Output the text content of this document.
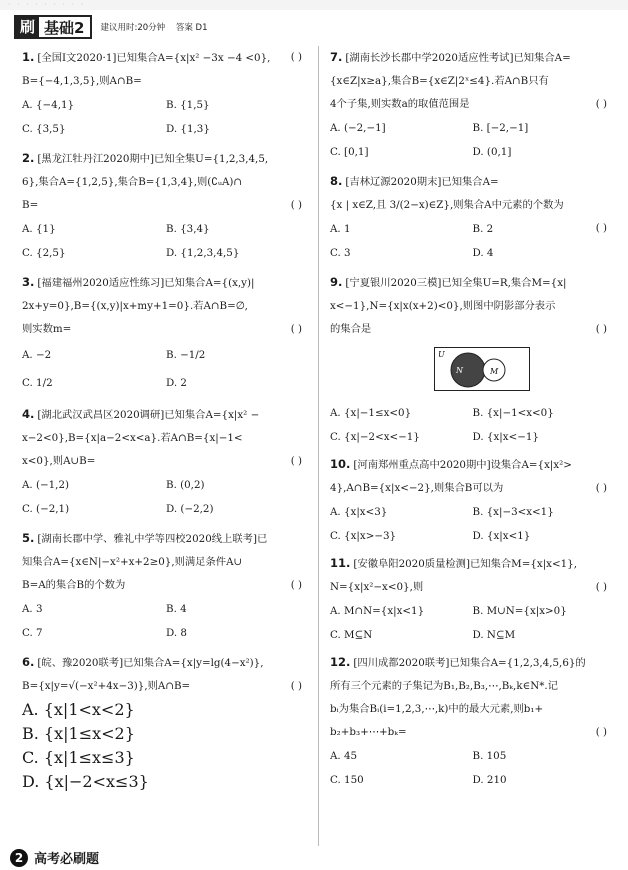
· · · · · · · · ·
刷 基础2 建议用时:20分钟 答案 D1
1. [全国Ⅰ文2020·1]已知集合A={x|x² −3x −4 <0}, ( )
B={−4,1,3,5},则A∩B=
A. {−4,1}	B. {1,5}
C. {3,5}	D. {1,3}
2. [黑龙江牡丹江2020期中]已知全集U={1,2,3,4,5,
6},集合A={1,2,5},集合B={1,3,4},则(∁ᵤA)∩
B=	( )
A. {1}	B. {3,4}
C. {2,5}	D. {1,2,3,4,5}
3. [福建福州2020适应性练习]已知集合A={(x,y)|
2x+y=0},B={(x,y)|x+my+1=0}.若A∩B=∅,
则实数m=	( )
A. −2	B. −1/2
C. 1/2	D. 2
4. [湖北武汉武昌区2020调研]已知集合A={x|x² −
x−2<0},B={x|a−2<x<a}.若A∩B={x|−1<
x<0},则A∪B=	( )
A. (−1,2)	B. (0,2)
C. (−2,1)	D. (−2,2)
5. [湖南长郡中学、雅礼中学等四校2020线上联考]已
知集合A={x∈N|−x²+x+2≥0},则满足条件A∪
B=A的集合B的个数为	( )
A. 3	B. 4
C. 7	D. 8
6. [皖、豫2020联考]已知集合A={x|y=lg(4−x²)},
B={x|y=√(−x²+4x−3)},则A∩B=	( )
A. {x|1<x<2}
B. {x|1≤x<2}
C. {x|1≤x≤3}
D. {x|−2<x≤3}
7. [湖南长沙长郡中学2020适应性考试]已知集合A=
{x∈Z|x≥a},集合B={x∈Z|2ˣ≤4}.若A∩B只有
4个子集,则实数a的取值范围是	( )
A. (−2,−1]	B. [−2,−1]
C. [0,1]	D. (0,1]
8. [吉林辽源2020期末]已知集合A=
{x | x∈Z,且 3/(2−x)∈Z},则集合A中元素的个数为
( )
A. 1	B. 2
C. 3	D. 4
9. [宁夏银川2020三模]已知全集U=R,集合M={x|
x<−1},N={x|x(x+2)<0},则图中阴影部分表示
的集合是	( )
U
N	M
A. {x|−1≤x<0}	B. {x|−1<x<0}
C. {x|−2<x<−1}	D. {x|x<−1}
10. [河南郑州重点高中2020期中]设集合A={x|x²>
4},A∩B={x|x<−2},则集合B可以为	( )
A. {x|x<3}	B. {x|−3<x<1}
C. {x|x>−3}	D. {x|x<1}
11. [安徽阜阳2020质量检测]已知集合M={x|x<1},
N={x|x²−x<0},则	( )
A. M∩N={x|x<1}	B. M∪N={x|x>0}
C. M⊆N	D. N⊆M
12. [四川成都2020联考]已知集合A={1,2,3,4,5,6}的
所有三个元素的子集记为B₁,B₂,B₃,⋯,Bₖ,k∈N*.记
bᵢ为集合Bᵢ(i=1,2,3,⋯,k)中的最大元素,则b₁+
b₂+b₃+⋯+bₖ=	( )
A. 45	B. 105
C. 150	D. 210
2 高考必刷题
